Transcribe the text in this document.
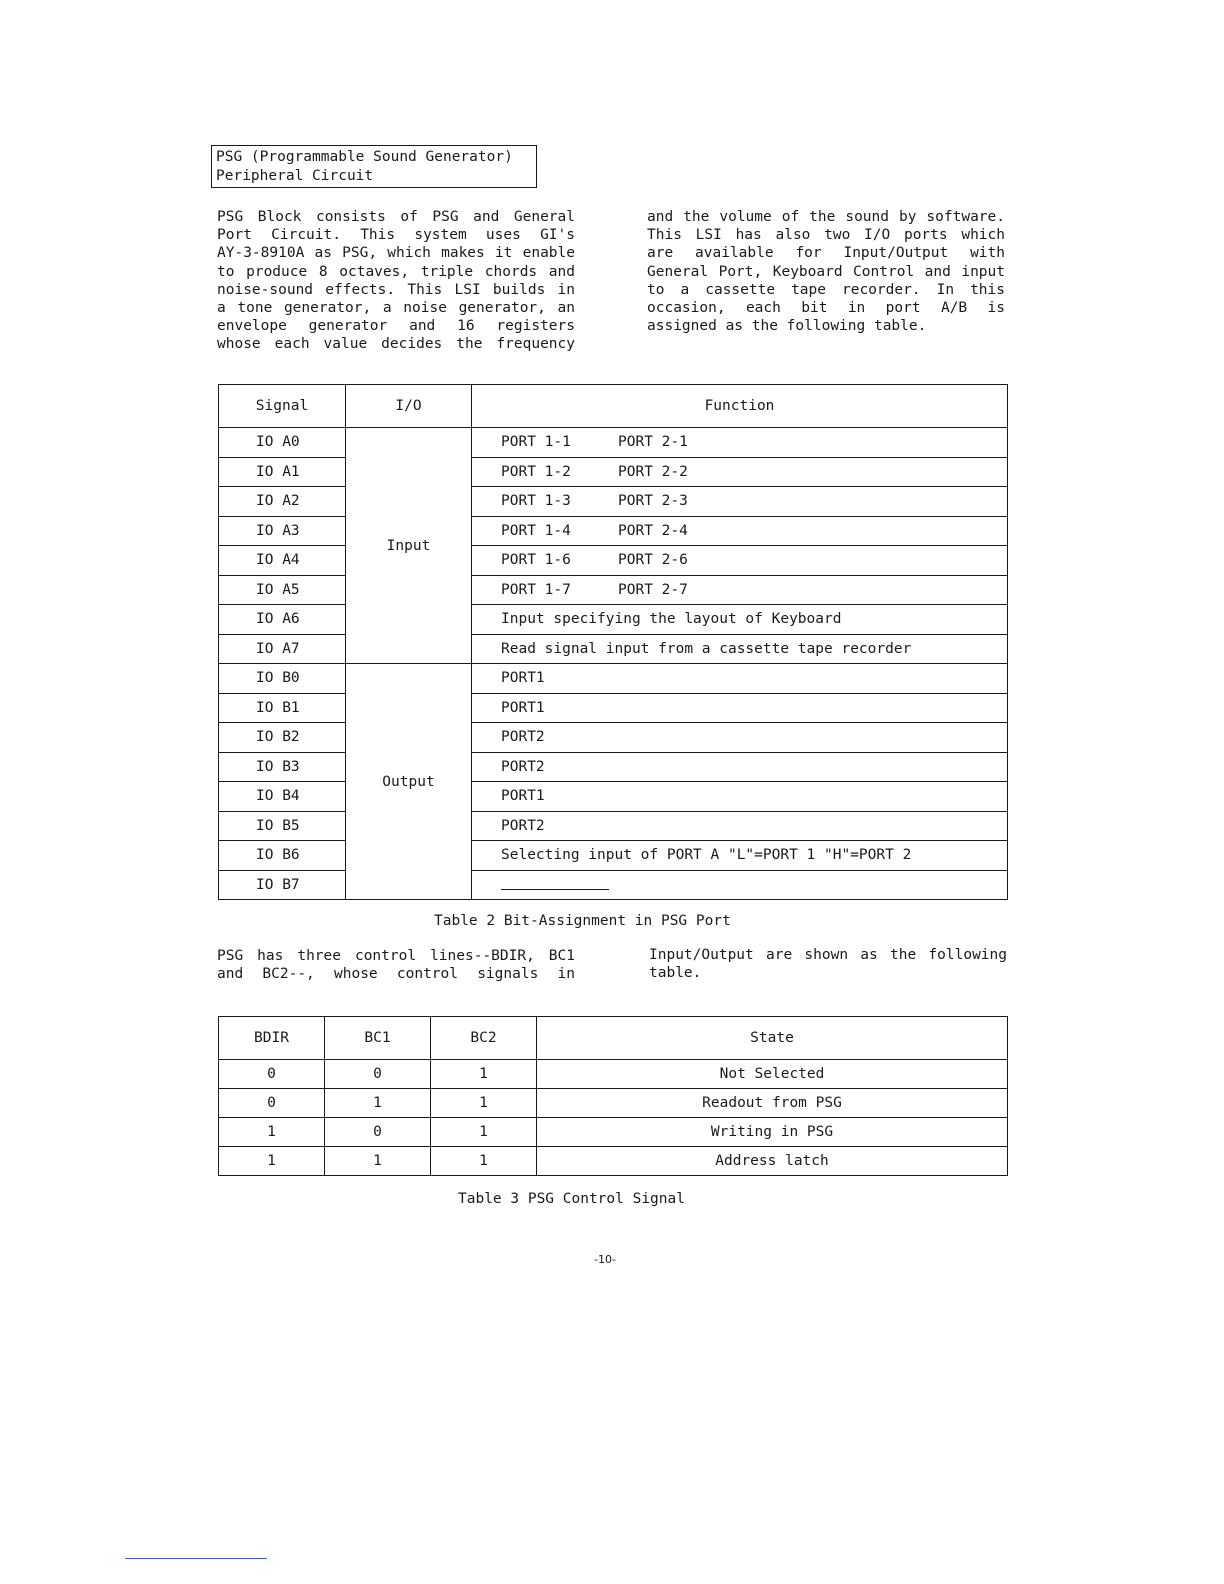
PSG (Programmable Sound Generator)
Peripheral Circuit
PSG Block consists of PSG and General
Port Circuit. This system uses GI's
AY-3-8910A as PSG, which makes it enable
to produce 8 octaves, triple chords and
noise-sound effects. This LSI builds in
a tone generator, a noise generator, an
envelope generator and 16 registers
whose each value decides the frequency
and the volume of the sound by software.
This LSI has also two I/O ports which
are available for Input/Output with
General Port, Keyboard Control and input
to a cassette tape recorder. In this
occasion, each bit in port A/B is
assigned as the following table.
Signal	I/O	Function
IO A0	Input	PORT 1-1 PORT 2-1
IO A1		PORT 1-2 PORT 2-2
IO A2		PORT 1-3 PORT 2-3
IO A3		PORT 1-4 PORT 2-4
IO A4		PORT 1-6 PORT 2-6
IO A5		PORT 1-7 PORT 2-7
IO A6		Input specifying the layout of Keyboard
IO A7		Read signal input from a cassette tape recorder
IO B0	Output	PORT1
IO B1		PORT1
IO B2		PORT2
IO B3		PORT2
IO B4		PORT1
IO B5		PORT2
IO B6		Selecting input of PORT A "L"=PORT 1 "H"=PORT 2
IO B7		
Table 2 Bit-Assignment in PSG Port
PSG has three control lines--BDIR, BC1
and BC2--, whose control signals in
Input/Output are shown as the following
table.
BDIR	BC1	BC2	State
0	0	1	Not Selected
0	1	1	Readout from PSG
1	0	1	Writing in PSG
1	1	1	Address latch
Table 3 PSG Control Signal
-10-
